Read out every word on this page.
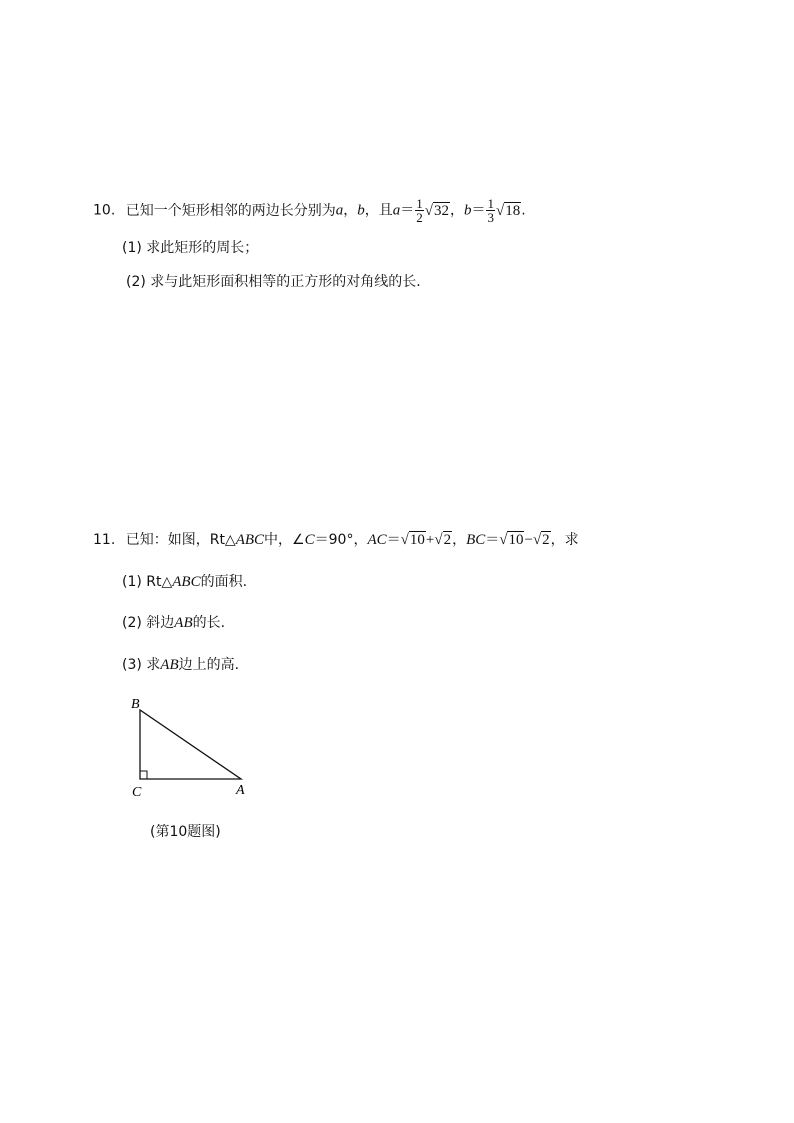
10. 已知一个矩形相邻的两边长分别为a，b，且$a= \frac{1}{2} √32$，$b= \frac{1}{3} √18$.
(1) 求此矩形的周长；
(2) 求与此矩形面积相等的正方形的对角线的长.
11. 已知：如图，Rt△ABC中，∠C＝90°，AC＝√10+√2，BC＝√10−√2，求
(1) Rt△ABC的面积.
(2) 斜边AB的长.
(3) 求AB边上的高.
B
C	A
(第10题图)
